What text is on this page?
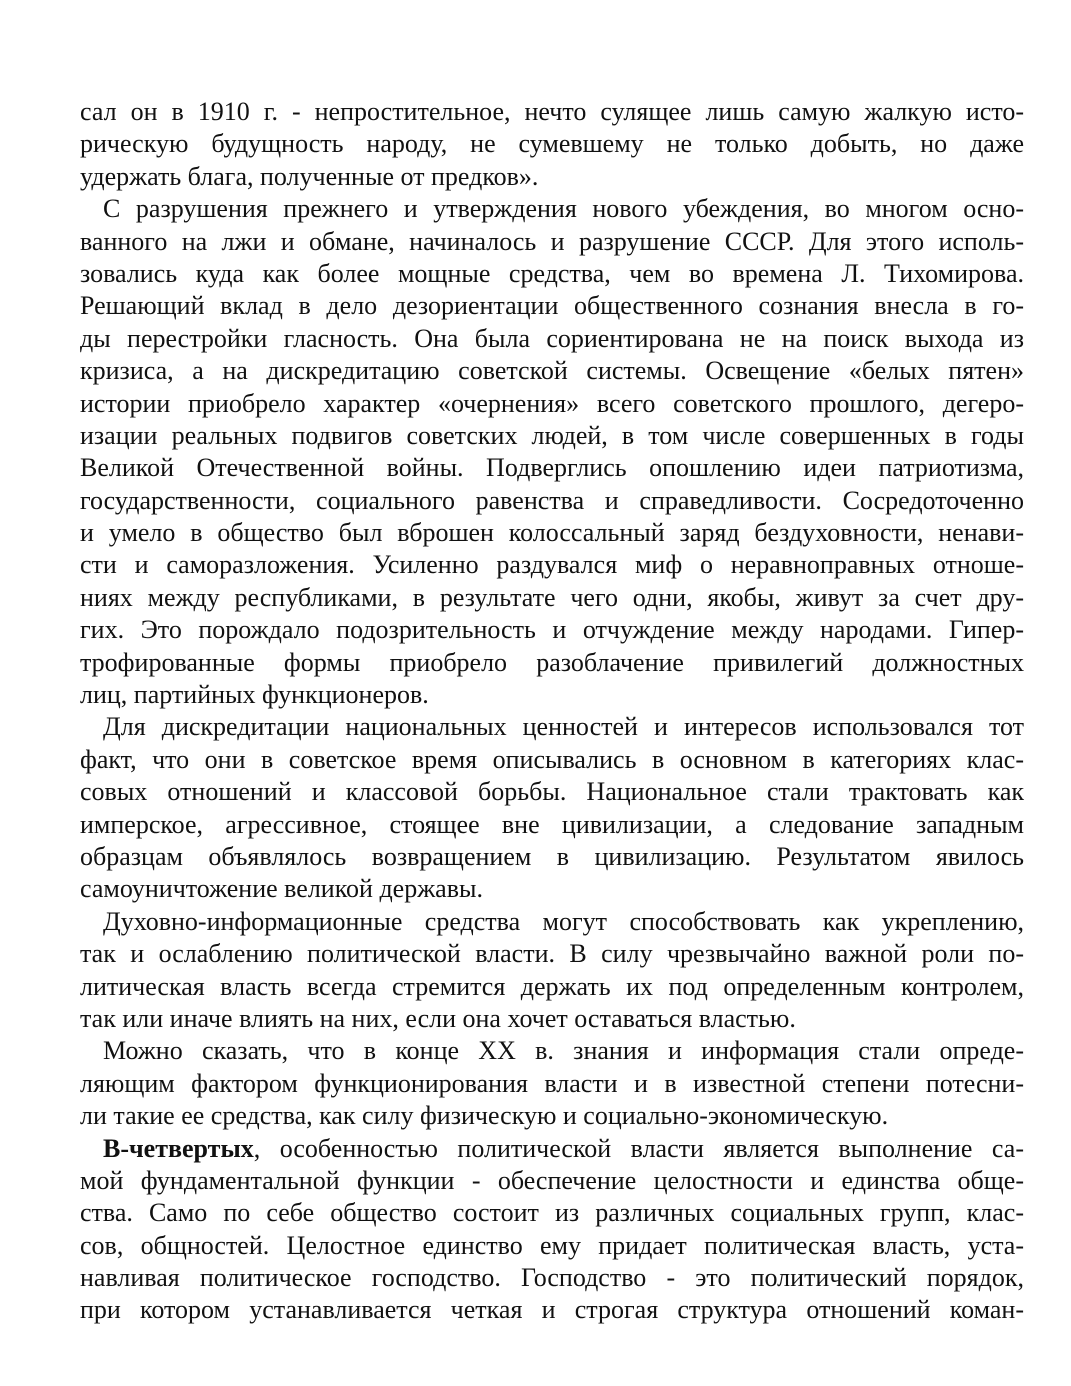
сал он в 1910 г. - непростительное, нечто сулящее лишь самую жалкую исто-
рическую будущность народу, не сумевшему не только добыть, но даже
удержать блага, полученные от предков».
С разрушения прежнего и утверждения нового убеждения, во многом осно-
ванного на лжи и обмане, начиналось и разрушение СССР. Для этого исполь-
зовались куда как более мощные средства, чем во времена Л. Тихомирова.
Решающий вклад в дело дезориентации общественного сознания внесла в го-
ды перестройки гласность. Она была сориентирована не на поиск выхода из
кризиса, а на дискредитацию советской системы. Освещение «белых пятен»
истории приобрело характер «очернения» всего советского прошлого, дегеро-
изации реальных подвигов советских людей, в том числе совершенных в годы
Великой Отечественной войны. Подверглись опошлению идеи патриотизма,
государственности, социального равенства и справедливости. Сосредоточенно
и умело в общество был вброшен колоссальный заряд бездуховности, ненави-
сти и саморазложения. Усиленно раздувался миф о неравноправных отноше-
ниях между республиками, в результате чего одни, якобы, живут за счет дру-
гих. Это порождало подозрительность и отчуждение между народами. Гипер-
трофированные формы приобрело разоблачение привилегий должностных
лиц, партийных функционеров.
Для дискредитации национальных ценностей и интересов использовался тот
факт, что они в советское время описывались в основном в категориях клас-
совых отношений и классовой борьбы. Национальное стали трактовать как
имперское, агрессивное, стоящее вне цивилизации, а следование западным
образцам объявлялось возвращением в цивилизацию. Результатом явилось
самоуничтожение великой державы.
Духовно-информационные средства могут способствовать как укреплению,
так и ослаблению политической власти. В силу чрезвычайно важной роли по-
литическая власть всегда стремится держать их под определенным контролем,
так или иначе влиять на них, если она хочет оставаться властью.
Можно сказать, что в конце XX в. знания и информация стали опреде-
ляющим фактором функционирования власти и в известной степени потесни-
ли такие ее средства, как силу физическую и социально-экономическую.
В-четвертых, особенностью политической власти является выполнение са-
мой фундаментальной функции - обеспечение целостности и единства обще-
ства. Само по себе общество состоит из различных социальных групп, клас-
сов, общностей. Целостное единство ему придает политическая власть, уста-
навливая политическое господство. Господство - это политический порядок,
при котором устанавливается четкая и строгая структура отношений коман-
